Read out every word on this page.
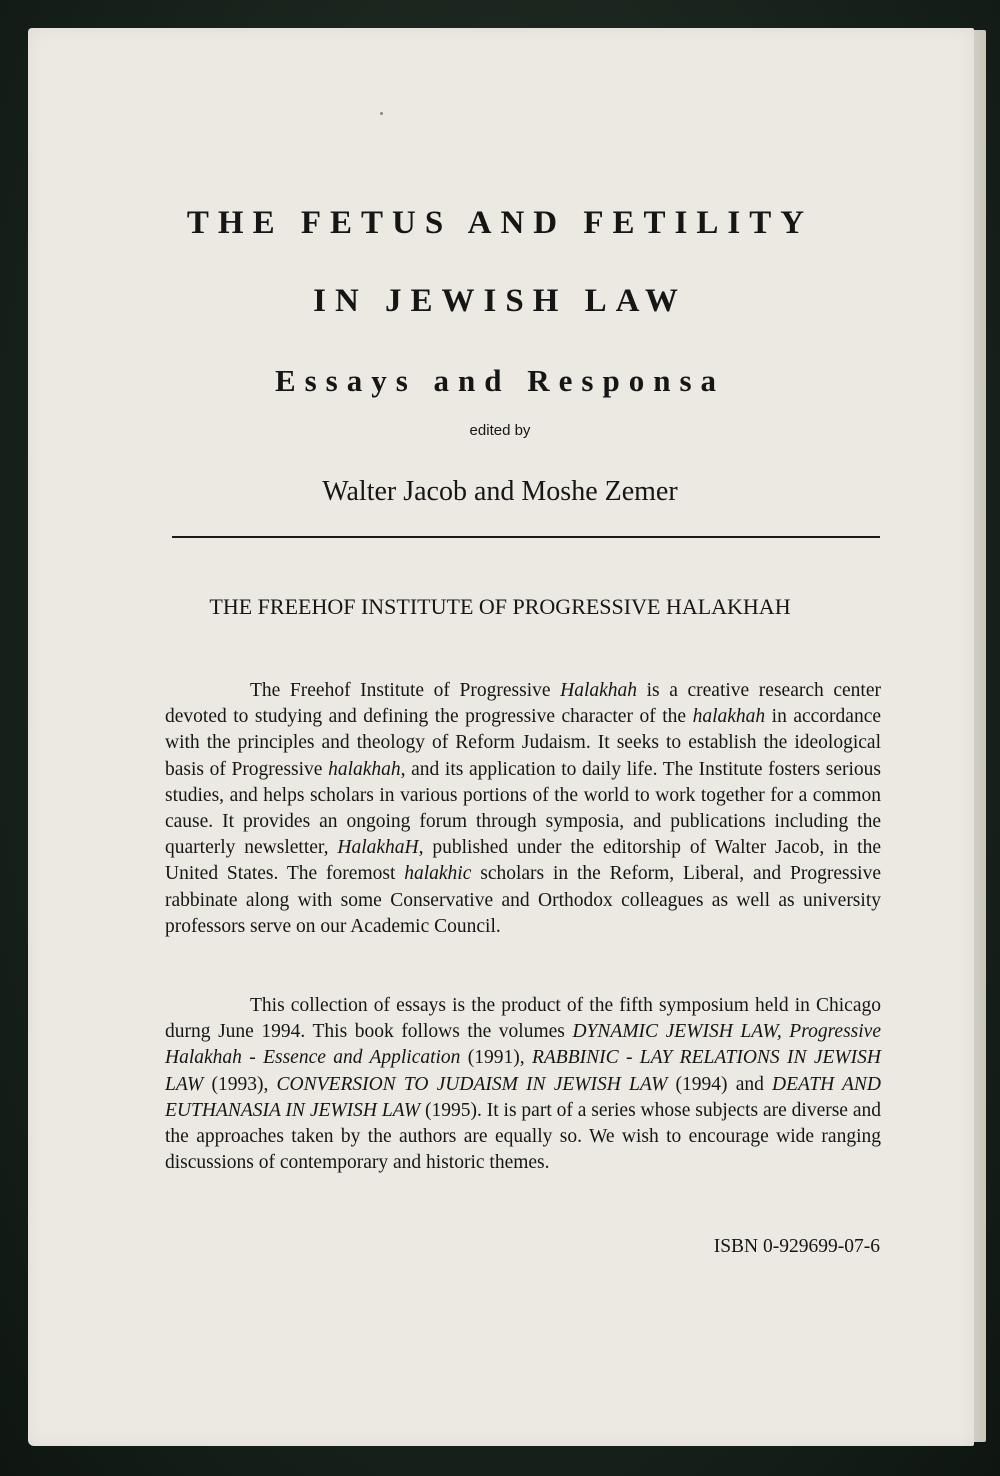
THE FETUS AND FETILITY
IN JEWISH LAW
Essays and Responsa
edited by
Walter Jacob and Moshe Zemer
THE FREEHOF INSTITUTE OF PROGRESSIVE HALAKHAH

The Freehof Institute of Progressive Halakhah is a creative research center devoted to studying and defining the progressive character of the halakhah in accordance with the principles and theology of Reform Judaism. It seeks to establish the ideological basis of Progressive halakhah, and its application to daily life. The Institute fosters serious studies, and helps scholars in various portions of the world to work together for a common cause. It provides an ongoing forum through symposia, and publications including the quarterly newsletter, HalakhaH, published under the editorship of Walter Jacob, in the United States. The foremost halakhic scholars in the Reform, Liberal, and Progressive rabbinate along with some Conservative and Orthodox colleagues as well as university professors serve on our Academic Council.

This collection of essays is the product of the fifth symposium held in Chicago durng June 1994. This book follows the volumes DYNAMIC JEWISH LAW, Progressive Halakhah - Essence and Application (1991), RABBINIC - LAY RELATIONS IN JEWISH LAW (1993), CONVERSION TO JUDAISM IN JEWISH LAW (1994) and DEATH AND EUTHANASIA IN JEWISH LAW (1995). It is part of a series whose subjects are diverse and the approaches taken by the authors are equally so. We wish to encourage wide ranging discussions of contemporary and historic themes.

ISBN 0-929699-07-6
